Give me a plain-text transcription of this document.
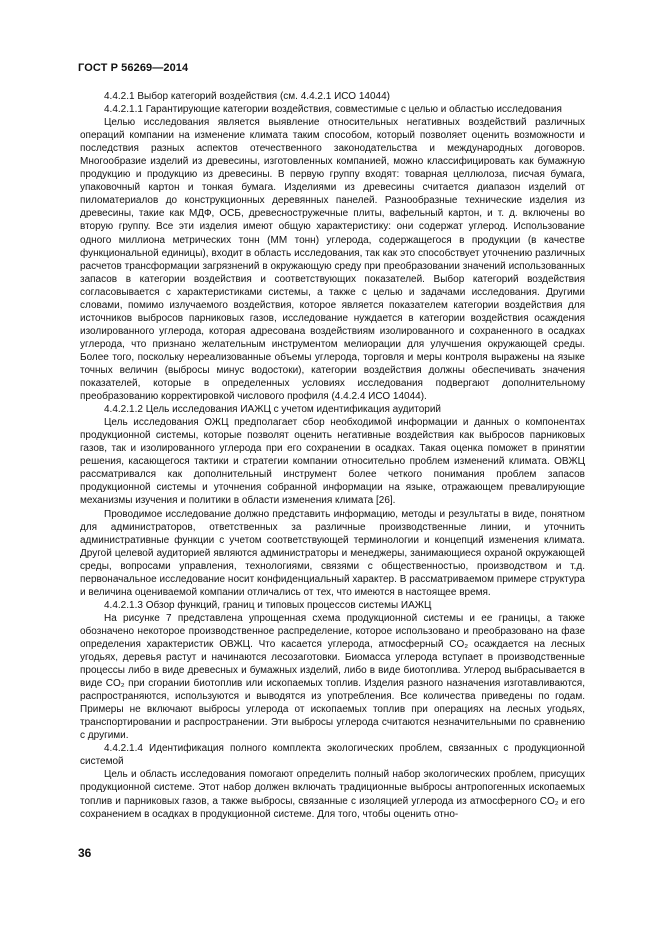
ГОСТ Р 56269—2014

4.4.2.1 Выбор категорий воздействия (см. 4.4.2.1 ИСО 14044)

4.4.2.1.1 Гарантирующие категории воздействия, совместимые с целью и областью исследования

Целью исследования является выявление относительных негативных воздействий различных операций компании на изменение климата таким способом, который позволяет оценить возможности и последствия разных аспектов отечественного законодательства и международных договоров. Многообразие изделий из древесины, изготовленных компанией, можно классифицировать как бумажную продукцию и продукцию из древесины. В первую группу входят: товарная целлюлоза, писчая бумага, упаковочный картон и тонкая бумага. Изделиями из древесины считается диапазон изделий от пиломатериалов до конструкционных деревянных панелей. Разнообразные технические изделия из древесины, такие как МДФ, ОСБ, древесностружечные плиты, вафельный картон, и т. д. включены во вторую группу. Все эти изделия имеют общую характеристику: они содержат углерод. Использование одного миллиона метрических тонн (ММ тонн) углерода, содержащегося в продукции (в качестве функциональной единицы), входит в область исследования, так как это способствует уточнению различных расчетов трансформации загрязнений в окружающую среду при преобразовании значений использованных запасов в категории воздействия и соответствующих показателей. Выбор категорий воздействия согласовывается с характеристиками системы, а также с целью и задачами исследования. Другими словами, помимо излучаемого воздействия, которое является показателем категории воздействия для источников выбросов парниковых газов, исследование нуждается в категории воздействия осаждения изолированного углерода, которая адресована воздействиям изолированного и сохраненного в осадках углерода, что признано желательным инструментом мелиорации для улучшения окружающей среды. Более того, поскольку нереализованные объемы углерода, торговля и меры контроля выражены на языке точных величин (выбросы минус водостоки), категории воздействия должны обеспечивать значения показателей, которые в определенных условиях исследования подвергают дополнительному преобразованию корректировкой числового профиля (4.4.2.4 ИСО 14044).

4.4.2.1.2 Цель исследования ИАЖЦ с учетом идентификация аудиторий

Цель исследования ОЖЦ предполагает сбор необходимой информации и данных о компонентах продукционной системы, которые позволят оценить негативные воздействия как выбросов парниковых газов, так и изолированного углерода при его сохранении в осадках. Такая оценка поможет в принятии решения, касающегося тактики и стратегии компании относительно проблем изменений климата. ОВЖЦ рассматривался как дополнительный инструмент более четкого понимания проблем запасов продукционной системы и уточнения собранной информации на языке, отражающем превалирующие механизмы изучения и политики в области изменения климата [26].

Проводимое исследование должно представить информацию, методы и результаты в виде, понятном для администраторов, ответственных за различные производственные линии, и уточнить административные функции с учетом соответствующей терминологии и концепций изменения климата. Другой целевой аудиторией являются администраторы и менеджеры, занимающиеся охраной окружающей среды, вопросами управления, технологиями, связями с общественностью, производством и т.д. первоначальное исследование носит конфиденциальный характер. В рассматриваемом примере структура и величина оцениваемой компании отличались от тех, что имеются в настоящее время.

4.4.2.1.3 Обзор функций, границ и типовых процессов системы ИАЖЦ

На рисунке 7 представлена упрощенная схема продукционной системы и ее границы, а также обозначено некоторое производственное распределение, которое использовано и преобразовано на фазе определения характеристик ОВЖЦ. Что касается углерода, атмосферный CO₂ осаждается на лесных угодьях, деревья растут и начинаются лесозаготовки. Биомасса углерода вступает в производственные процессы либо в виде древесных и бумажных изделий, либо в виде биотоплива. Углерод выбрасывается в виде CO₂ при сгорании биотоплив или ископаемых топлив. Изделия разного назначения изготавливаются, распространяются, используются и выводятся из употребления. Все количества приведены по годам. Примеры не включают выбросы углерода от ископаемых топлив при операциях на лесных угодьях, транспортировании и распространении. Эти выбросы углерода считаются незначительными по сравнению с другими.

4.4.2.1.4 Идентификация полного комплекта экологических проблем, связанных с продукционной системой

Цель и область исследования помогают определить полный набор экологических проблем, присущих продукционной системе. Этот набор должен включать традиционные выбросы антропогенных ископаемых топлив и парниковых газов, а также выбросы, связанные с изоляцией углерода из атмосферного CO₂ и его сохранением в осадках в продукционной системе. Для того, чтобы оценить отно-

36
